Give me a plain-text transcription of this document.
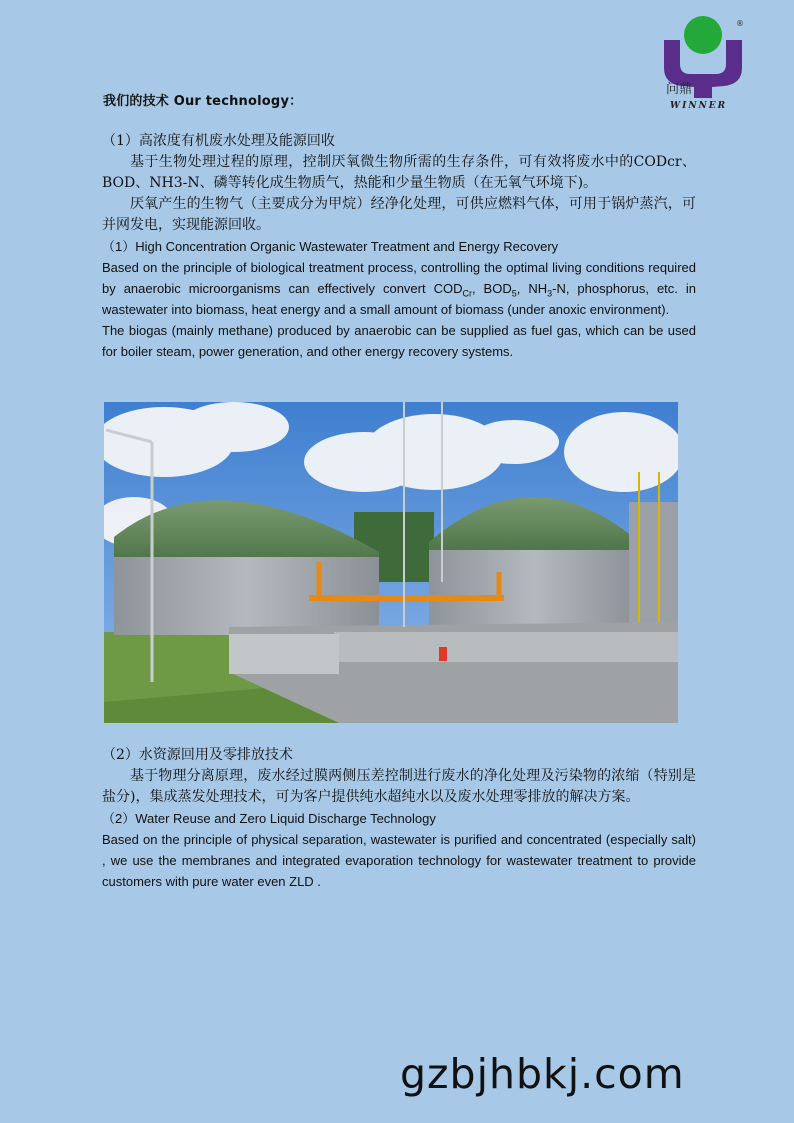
问鼎
WINNER
®
我们的技术 Our technology：

（1）高浓度有机废水处理及能源回收

基于生物处理过程的原理，控制厌氧微生物所需的生存条件，可有效将废水中的CODcr、BOD、NH3-N、磷等转化成生物质气，热能和少量生物质（在无氧气环境下)。

厌氧产生的生物气（主要成分为甲烷）经净化处理，可供应燃料气体，可用于锅炉蒸汽，可并网发电，实现能源回收。

（1）High Concentration Organic Wastewater Treatment and Energy Recovery

Based on the principle of biological treatment process, controlling the optimal living conditions required by anaerobic microorganisms can effectively convert $COD_{Cr}$, $BOD_5$, $NH_3-N$, phosphorus, etc. in wastewater into biomass, heat energy and a small amount of biomass (under anoxic environment).

The biogas (mainly methane) produced by anaerobic can be supplied as fuel gas, which can be used for boiler steam, power generation, and other energy recovery systems.

（2）水资源回用及零排放技术

基于物理分离原理，废水经过膜两侧压差控制进行废水的净化处理及污染物的浓缩（特别是盐分)，集成蒸发处理技术，可为客户提供纯水超纯水以及废水处理零排放的解决方案。

（2）Water Reuse and Zero Liquid Discharge Technology

Based on the principle of physical separation, wastewater is purified and concentrated (especially salt) , we use the membranes and integrated evaporation technology for wastewater treatment to provide customers with pure water even ZLD .

gzbjhbkj.com
